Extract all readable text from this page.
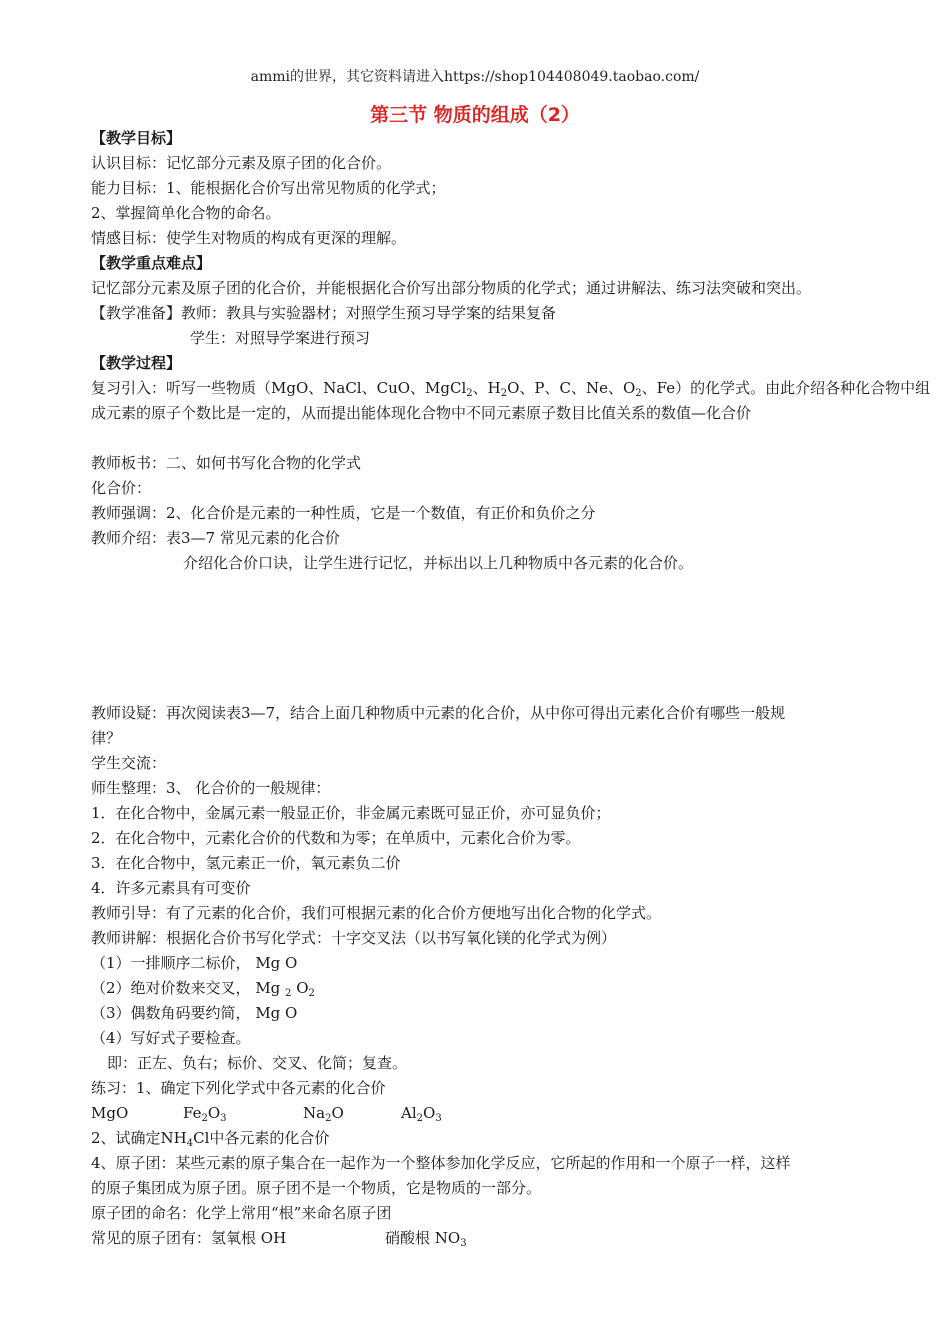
ammi的世界，其它资料请进入https://shop104408049.taobao.com/
第三节 物质的组成（2）
【教学目标】
认识目标：记忆部分元素及原子团的化合价。
能力目标：1、能根据化合价写出常见物质的化学式；
2、掌握简单化合物的命名。
情感目标：使学生对物质的构成有更深的理解。
【教学重点难点】
记忆部分元素及原子团的化合价，并能根据化合价写出部分物质的化学式；通过讲解法、练习法突破和突出。
【教学准备】教师：教具与实验器材；对照学生预习导学案的结果复备
学生：对照导学案进行预习
【教学过程】
复习引入：听写一些物质（MgO、NaCl、CuO、MgCl$_2$、$H_2O$、P、C、Ne、$O_2$、Fe）的化学式。由此介绍各种化合物中组
成元素的原子个数比是一定的，从而提出能体现化合物中不同元素原子数目比值关系的数值—化合价
教师板书：二、如何书写化合物的化学式
化合价：
教师强调：2、化合价是元素的一种性质，它是一个数值，有正价和负价之分
教师介绍：表3—7 常见元素的化合价
介绍化合价口诀，让学生进行记忆，并标出以上几种物质中各元素的化合价。
教师设疑：再次阅读表3—7，结合上面几种物质中元素的化合价，从中你可得出元素化合价有哪些一般规
律？
学生交流：
师生整理：3、 化合价的一般规律：
1．在化合物中，金属元素一般显正价，非金属元素既可显正价，亦可显负价；
2．在化合物中，元素化合价的代数和为零；在单质中，元素化合价为零。
3．在化合物中，氢元素正一价，氧元素负二价
4．许多元素具有可变价
教师引导：有了元素的化合价，我们可根据元素的化合价方便地写出化合物的化学式。
教师讲解：根据化合价书写化学式：十字交叉法（以书写氧化镁的化学式为例）
（1）一排顺序二标价， Mg O
（2）绝对价数来交叉， Mg $_2$ $O_2$
（3）偶数角码要约简， Mg O
（4）写好式子要检查。
即：正左、负右；标价、交叉、化简；复查。
练习：1、确定下列化学式中各元素的化合价
MgO	$Fe_2O_3$	$Na_2O$	$Al_2O_3$
2、试确定$NH_4Cl$中各元素的化合价
4、原子团：某些元素的原子集合在一起作为一个整体参加化学反应，它所起的作用和一个原子一样，这样
的原子集团成为原子团。原子团不是一个物质，它是物质的一部分。
原子团的命名：化学上常用“根”来命名原子团
常见的原子团有：氢氧根 OH	硝酸根 $NO_3$
